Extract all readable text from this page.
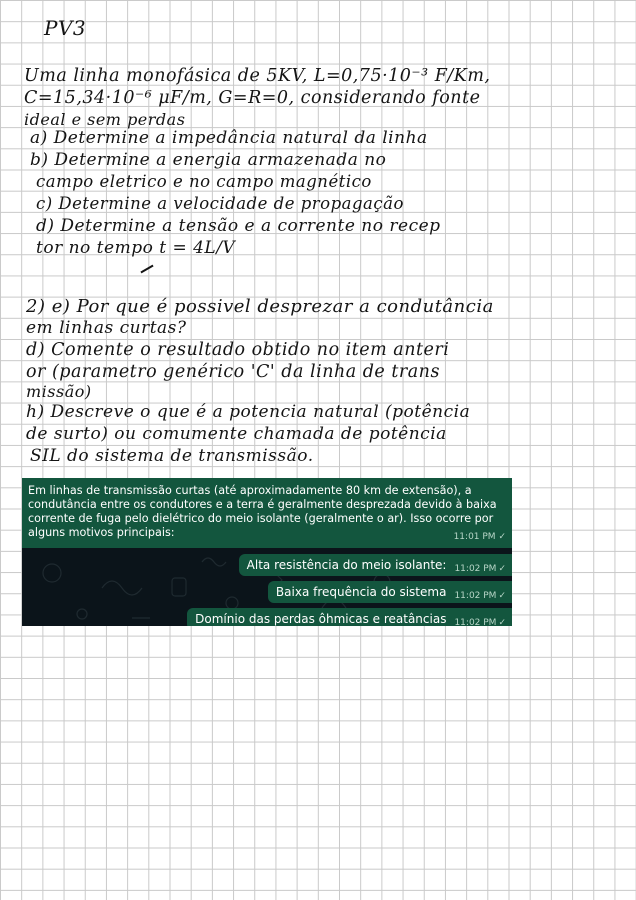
PV3
Uma linha monofásica de 5KV, L=0,75·10⁻³ F/Km,
C=15,34·10⁻⁶ μF/m, G=R=0, considerando fonte
ideal e sem perdas
a) Determine a impedância natural da linha
b) Determine a energia armazenada no
campo eletrico e no campo magnético
c) Determine a velocidade de propagação
d) Determine a tensão e a corrente no recep
tor no tempo t = 4L/V
2) e) Por que é possivel desprezar a condutância
em linhas curtas?
d) Comente o resultado obtido no item anteri
or (parametro genérico 'C' da linha de trans
missão)
h) Descreve o que é a potencia natural (potência
de surto) ou comumente chamada de potência
SIL do sistema de transmissão.
Em linhas de transmissão curtas (até aproximadamente 80 km de extensão), a condutância entre os condutores e a terra é geralmente desprezada devido à baixa corrente de fuga pelo dielétrico do meio isolante (geralmente o ar). Isso ocorre por alguns motivos principais:	11:01 PM ✓
Alta resistência do meio isolante: 11:02 PM ✓
Baixa frequência do sistema 11:02 PM ✓
Domínio das perdas ôhmicas e reatâncias 11:02 PM ✓
